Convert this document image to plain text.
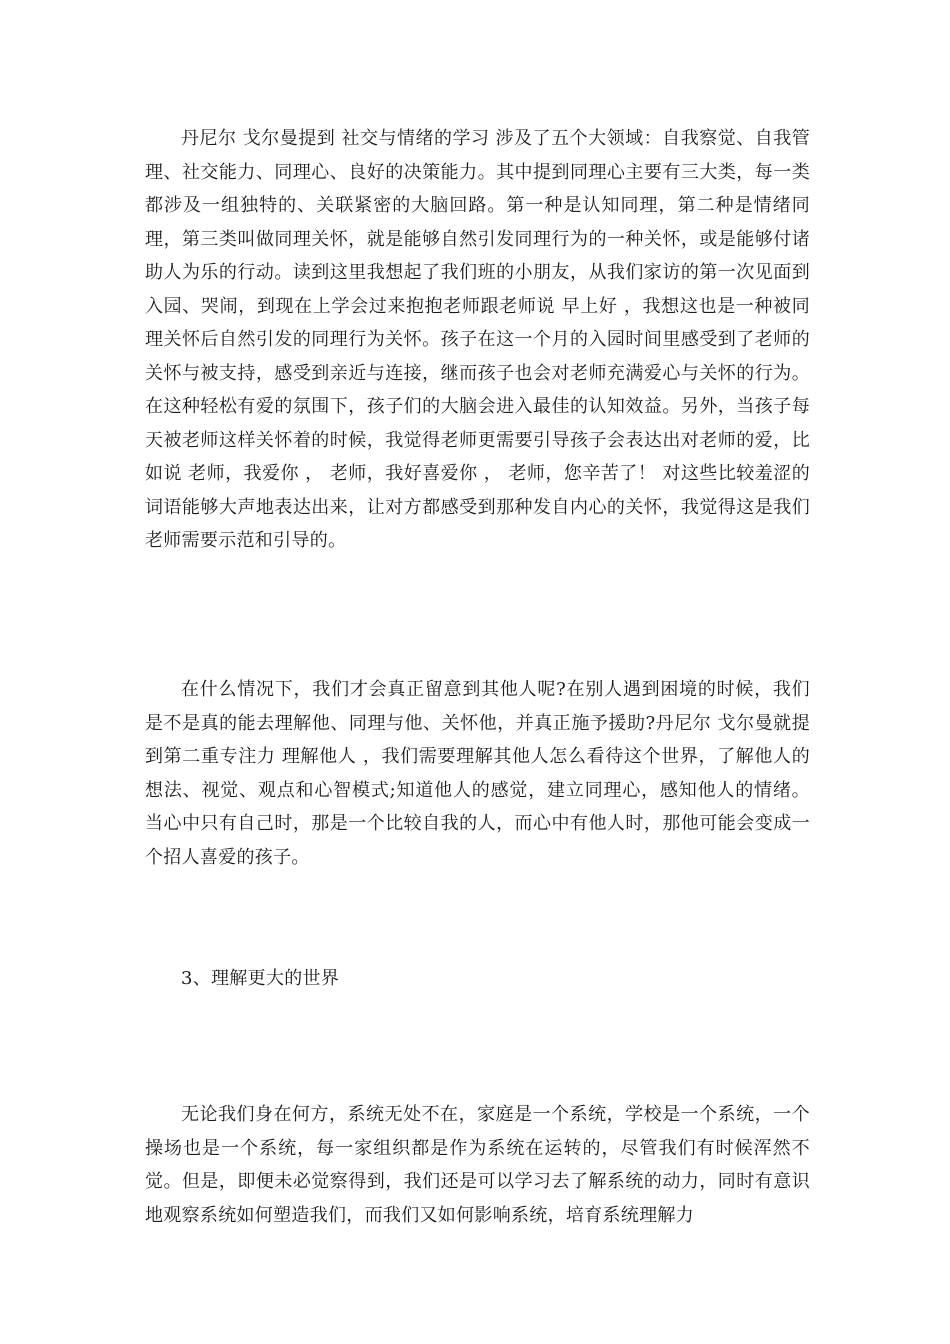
丹尼尔 戈尔曼提到 社交与情绪的学习 涉及了五个大领域：自我察觉、自我管理、社交能力、同理心、良好的决策能力。其中提到同理心主要有三大类，每一类都涉及一组独特的、关联紧密的大脑回路。第一种是认知同理，第二种是情绪同理，第三类叫做同理关怀，就是能够自然引发同理行为的一种关怀，或是能够付诸助人为乐的行动。读到这里我想起了我们班的小朋友，从我们家访的第一次见面到入园、哭闹，到现在上学会过来抱抱老师跟老师说 早上好 ，我想这也是一种被同理关怀后自然引发的同理行为关怀。孩子在这一个月的入园时间里感受到了老师的关怀与被支持，感受到亲近与连接，继而孩子也会对老师充满爱心与关怀的行为。在这种轻松有爱的氛围下，孩子们的大脑会进入最佳的认知效益。另外，当孩子每天被老师这样关怀着的时候，我觉得老师更需要引导孩子会表达出对老师的爱，比如说 老师，我爱你 ， 老师，我好喜爱你 ， 老师，您辛苦了！ 对这些比较羞涩的词语能够大声地表达出来，让对方都感受到那种发自内心的关怀，我觉得这是我们老师需要示范和引导的。

在什么情况下，我们才会真正留意到其他人呢?在别人遇到困境的时候，我们是不是真的能去理解他、同理与他、关怀他，并真正施予援助?丹尼尔 戈尔曼就提到第二重专注力 理解他人 ，我们需要理解其他人怎么看待这个世界，了解他人的想法、视觉、观点和心智模式;知道他人的感觉，建立同理心，感知他人的情绪。当心中只有自己时，那是一个比较自我的人，而心中有他人时，那他可能会变成一个招人喜爱的孩子。

3、理解更大的世界

无论我们身在何方，系统无处不在，家庭是一个系统，学校是一个系统，一个操场也是一个系统，每一家组织都是作为系统在运转的，尽管我们有时候浑然不觉。但是，即便未必觉察得到，我们还是可以学习去了解系统的动力，同时有意识地观察系统如何塑造我们，而我们又如何影响系统，培育系统理解力
